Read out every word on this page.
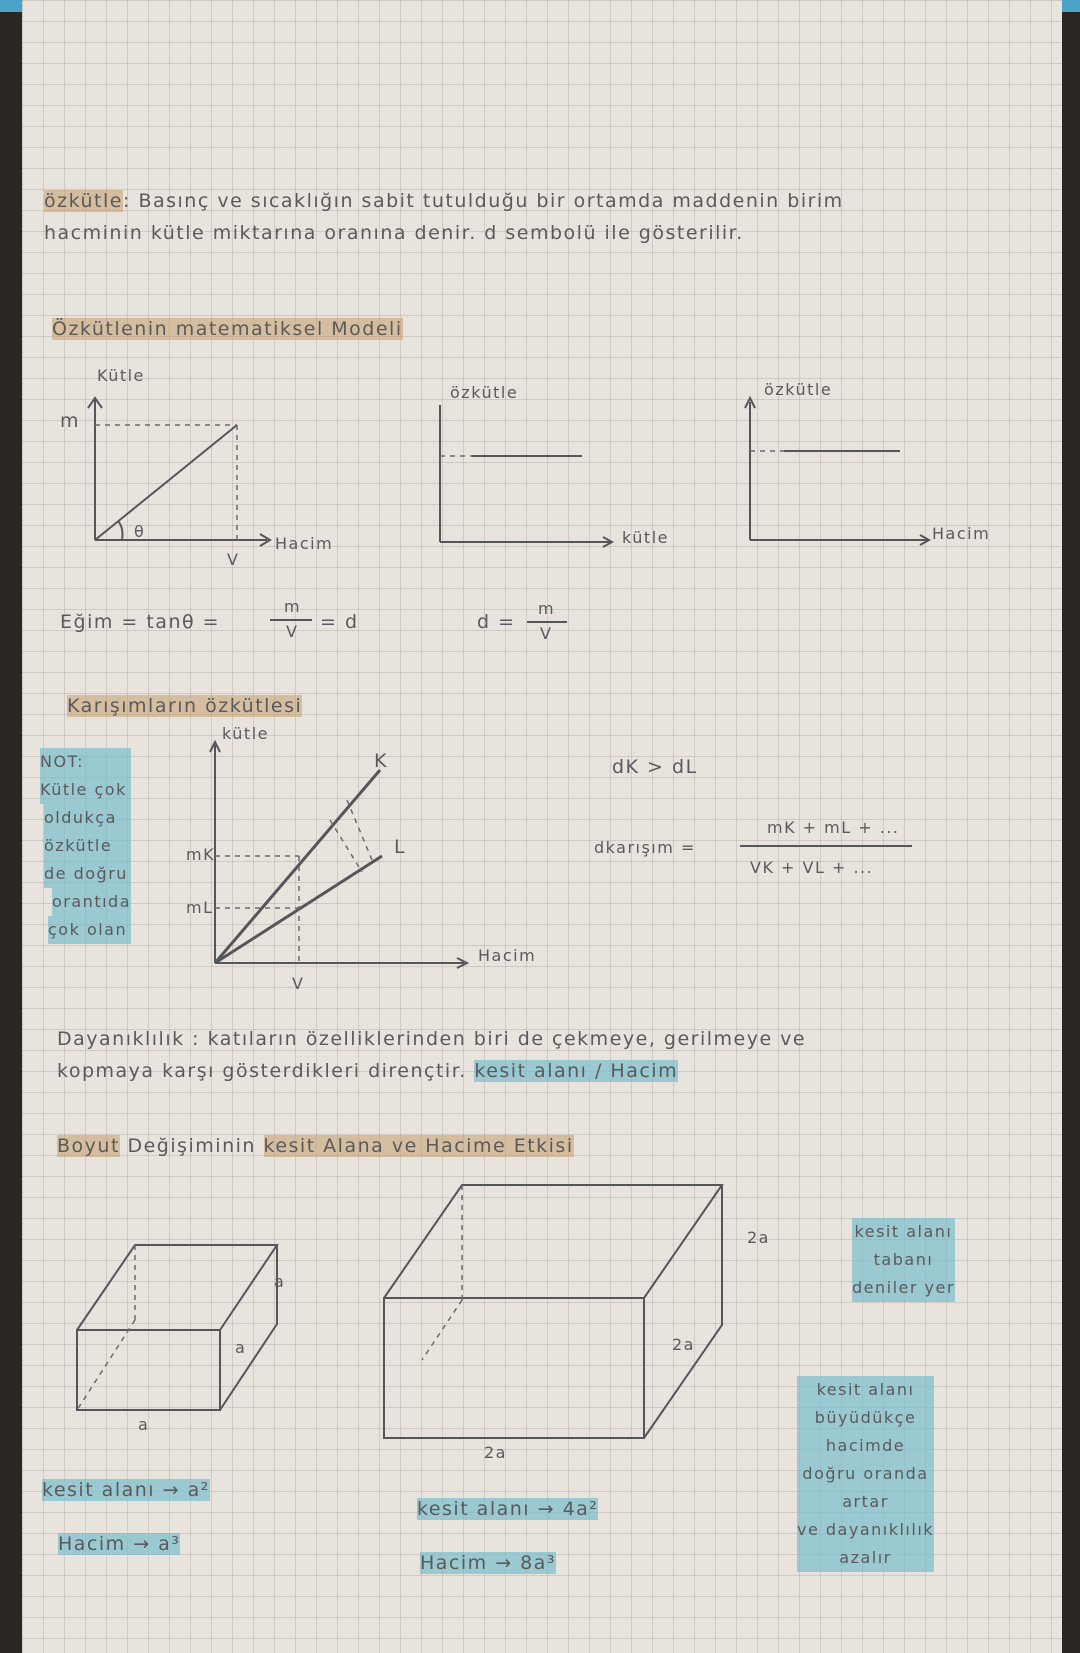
özkütle: Basınç ve sıcaklığın sabit tutulduğu bir ortamda maddenin birim
hacminin kütle miktarına oranına denir. d sembolü ile gösterilir.
Özkütlenin matematiksel Modeli
Kütle
m
θ
Hacim
V
özkütle
kütle
özkütle
Hacim
Eğim = tanθ =
m
V = d	d =
m
V
Karışımların özkütlesi
kütle
NOT:
Kütle çok
oldukça
özkütle
de doğru
orantıda
çok olan
mK
mL
K
L
V
Hacim
dK > dL
dkarışım =
mK + mL + ...
VK + VL + ...
Dayanıklılık : katıların özelliklerinden biri de çekmeye, gerilmeye ve
kopmaya karşı gösterdikleri dirençtir. kesit alanı / Hacim
Boyut Değişiminin kesit Alana ve Hacime Etkisi
a
a
a
kesit alanı → a²
Hacim → a³
2a
2a
2a
kesit alanı → 4a²
Hacim → 8a³
kesit alanı
tabanı
deniler yer
kesit alanı
büyüdükçe
hacimde
doğru oranda
artar
ve dayanıklılık
azalır
